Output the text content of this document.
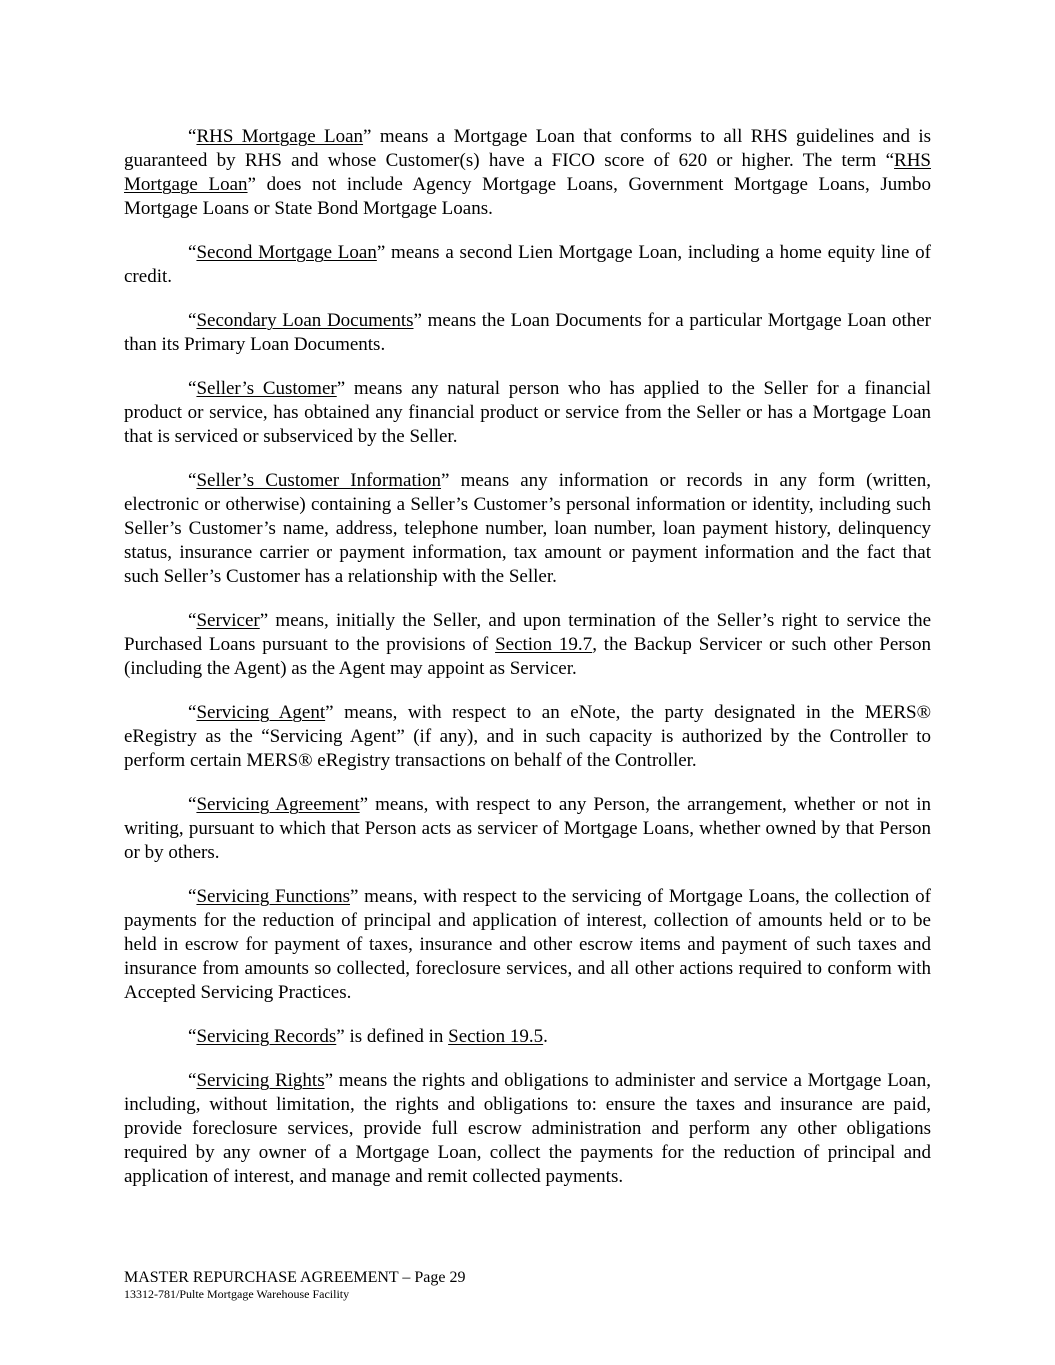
“RHS Mortgage Loan” means a Mortgage Loan that conforms to all RHS guidelines and is guaranteed by RHS and whose Customer(s) have a FICO score of 620 or higher. The term “RHS Mortgage Loan” does not include Agency Mortgage Loans, Government Mortgage Loans, Jumbo Mortgage Loans or State Bond Mortgage Loans.

“Second Mortgage Loan” means a second Lien Mortgage Loan, including a home equity line of credit.

“Secondary Loan Documents” means the Loan Documents for a particular Mortgage Loan other than its Primary Loan Documents.

“Seller’s Customer” means any natural person who has applied to the Seller for a financial product or service, has obtained any financial product or service from the Seller or has a Mortgage Loan that is serviced or subserviced by the Seller.

“Seller’s Customer Information” means any information or records in any form (written, electronic or otherwise) containing a Seller’s Customer’s personal information or identity, including such Seller’s Customer’s name, address, telephone number, loan number, loan payment history, delinquency status, insurance carrier or payment information, tax amount or payment information and the fact that such Seller’s Customer has a relationship with the Seller.

“Servicer” means, initially the Seller, and upon termination of the Seller’s right to service the Purchased Loans pursuant to the provisions of Section 19.7, the Backup Servicer or such other Person (including the Agent) as the Agent may appoint as Servicer.

“Servicing Agent” means, with respect to an eNote, the party designated in the MERS® eRegistry as the “Servicing Agent” (if any), and in such capacity is authorized by the Controller to perform certain MERS® eRegistry transactions on behalf of the Controller.

“Servicing Agreement” means, with respect to any Person, the arrangement, whether or not in writing, pursuant to which that Person acts as servicer of Mortgage Loans, whether owned by that Person or by others.

“Servicing Functions” means, with respect to the servicing of Mortgage Loans, the collection of payments for the reduction of principal and application of interest, collection of amounts held or to be held in escrow for payment of taxes, insurance and other escrow items and payment of such taxes and insurance from amounts so collected, foreclosure services, and all other actions required to conform with Accepted Servicing Practices.

“Servicing Records” is defined in Section 19.5.

“Servicing Rights” means the rights and obligations to administer and service a Mortgage Loan, including, without limitation, the rights and obligations to: ensure the taxes and insurance are paid, provide foreclosure services, provide full escrow administration and perform any other obligations required by any owner of a Mortgage Loan, collect the payments for the reduction of principal and application of interest, and manage and remit collected payments.

MASTER REPURCHASE AGREEMENT – Page 29

13312-781/Pulte Mortgage Warehouse Facility
